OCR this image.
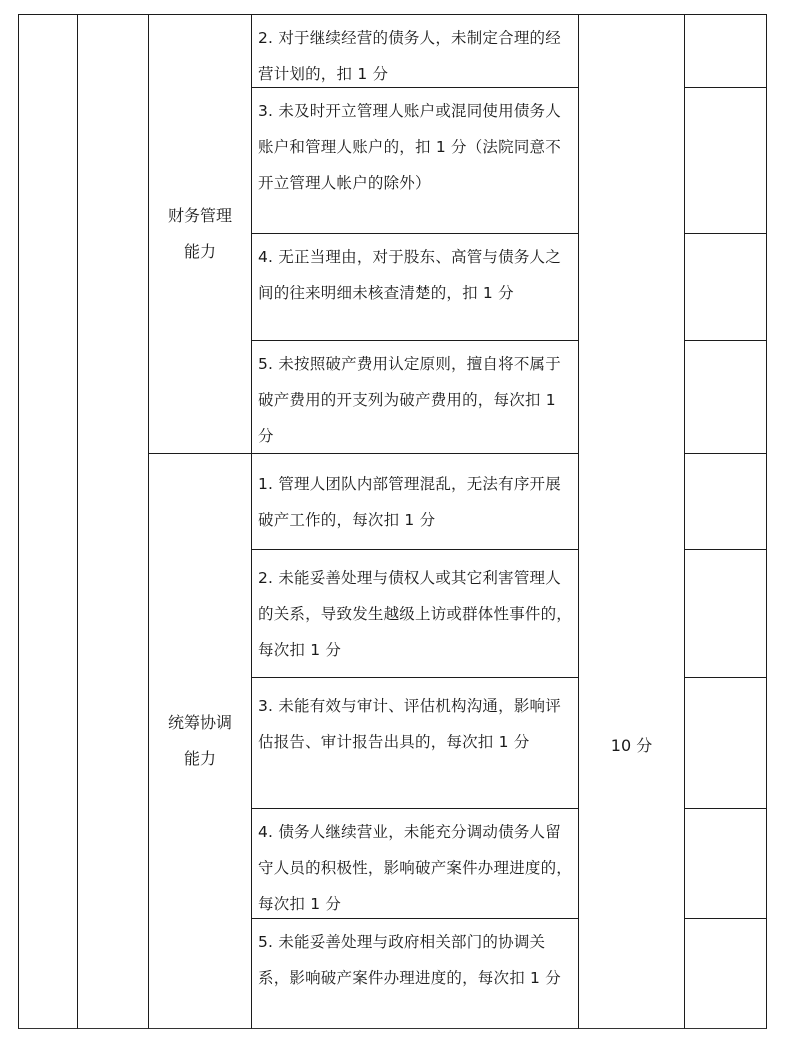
财务管理
能力
统筹协调
能力
2. 对于继续经营的债务人，未制定合理的经营计划的，扣 1 分
3. 未及时开立管理人账户或混同使用债务人账户和管理人账户的，扣 1 分（法院同意不开立管理人帐户的除外）
4. 无正当理由，对于股东、高管与债务人之间的往来明细未核查清楚的，扣 1 分
5. 未按照破产费用认定原则，擅自将不属于破产费用的开支列为破产费用的，每次扣 1 分
1. 管理人团队内部管理混乱，无法有序开展破产工作的，每次扣 1 分
2. 未能妥善处理与债权人或其它利害管理人的关系，导致发生越级上访或群体性事件的，每次扣 1 分
3. 未能有效与审计、评估机构沟通，影响评估报告、审计报告出具的，每次扣 1 分
4. 债务人继续营业，未能充分调动债务人留守人员的积极性，影响破产案件办理进度的，每次扣 1 分
5. 未能妥善处理与政府相关部门的协调关系，影响破产案件办理进度的，每次扣 1 分
10 分
